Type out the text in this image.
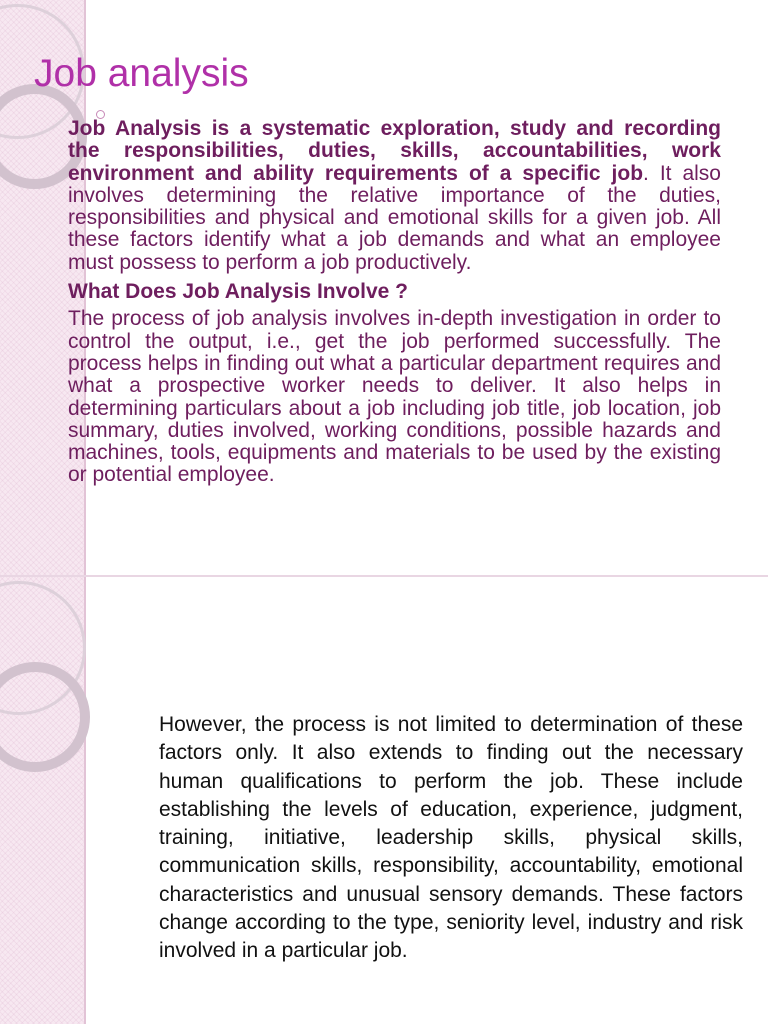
Job analysis

Job Analysis is a systematic exploration, study and recording the responsibilities, duties, skills, accountabilities, work environment and ability requirements of a specific job. It also involves determining the relative importance of the duties, responsibilities and physical and emotional skills for a given job. All these factors identify what a job demands and what an employee must possess to perform a job productively.

What Does Job Analysis Involve ?

The process of job analysis involves in-depth investigation in order to control the output, i.e., get the job performed successfully. The process helps in finding out what a particular department requires and what a prospective worker needs to deliver. It also helps in determining particulars about a job including job title, job location, job summary, duties involved, working conditions, possible hazards and machines, tools, equipments and materials to be used by the existing or potential employee.

However, the process is not limited to determination of these factors only. It also extends to finding out the necessary human qualifications to perform the job. These include establishing the levels of education, experience, judgment, training, initiative, leadership skills, physical skills, communication skills, responsibility, accountability, emotional characteristics and unusual sensory demands. These factors change according to the type, seniority level, industry and risk involved in a particular job.
